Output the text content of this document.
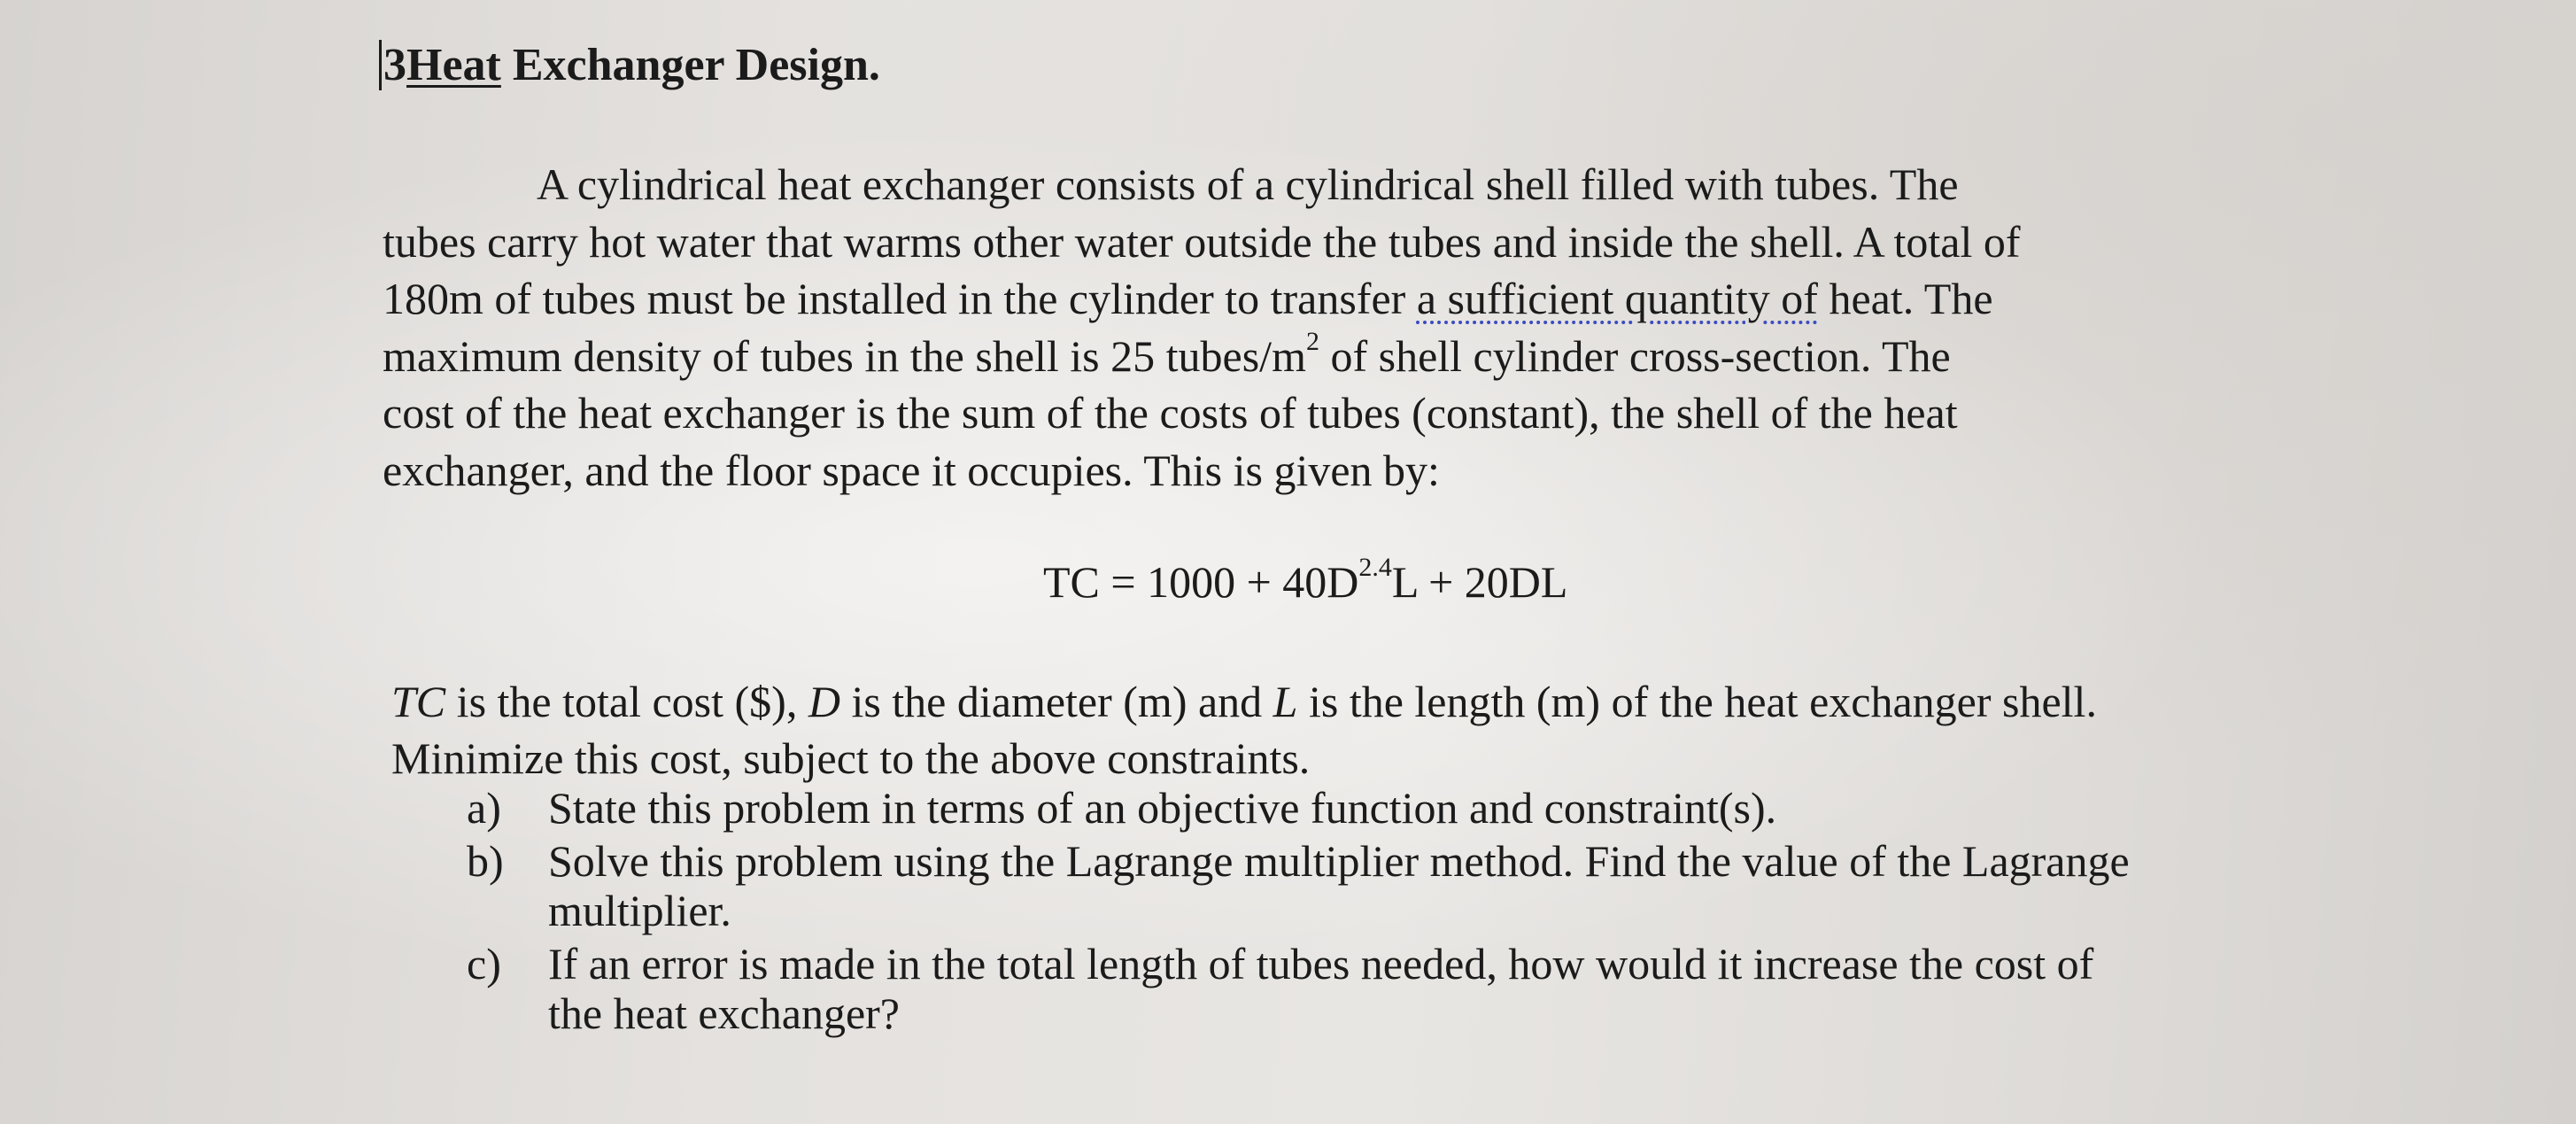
3Heat Exchanger Design.
A cylindrical heat exchanger consists of a cylindrical shell filled with tubes. The
tubes carry hot water that warms other water outside the tubes and inside the shell. A total of
180m of tubes must be installed in the cylinder to transfer a sufficient quantity of heat. The
maximum density of tubes in the shell is 25 tubes/$m^2$ of shell cylinder cross-section. The
cost of the heat exchanger is the sum of the costs of tubes (constant), the shell of the heat
exchanger, and the floor space it occupies. This is given by:
TC = $1000 + 40D^{2.4}L + 20DL$
TC is the total cost ($), D is the diameter (m) and L is the length (m) of the heat exchanger shell.
Minimize this cost, subject to the above constraints.
a) State this problem in terms of an objective function and constraint(s).
b) Solve this problem using the Lagrange multiplier method. Find the value of the Lagrange
multiplier.
c) If an error is made in the total length of tubes needed, how would it increase the cost of
the heat exchanger?
